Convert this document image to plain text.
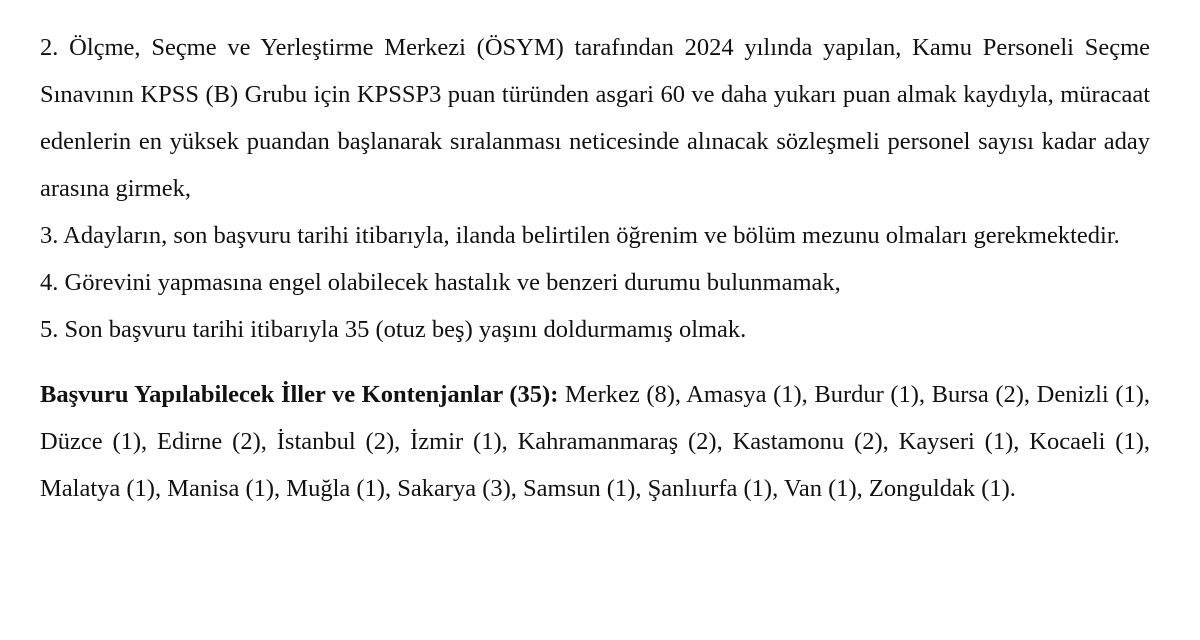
2. Ölçme, Seçme ve Yerleştirme Merkezi (ÖSYM) tarafından 2024 yılında yapılan, Kamu Personeli Seçme Sınavının KPSS (B) Grubu için KPSSP3 puan türünden asgari 60 ve daha yukarı puan almak kaydıyla, müracaat edenlerin en yüksek puandan başlanarak sıralanması neticesinde alınacak sözleşmeli personel sayısı kadar aday arasına girmek,

3. Adayların, son başvuru tarihi itibarıyla, ilanda belirtilen öğrenim ve bölüm mezunu olmaları gerekmektedir.

4. Görevini yapmasına engel olabilecek hastalık ve benzeri durumu bulunmamak,

5. Son başvuru tarihi itibarıyla 35 (otuz beş) yaşını doldurmamış olmak.

Başvuru Yapılabilecek İller ve Kontenjanlar (35): Merkez (8), Amasya (1), Burdur (1), Bursa (2), Denizli (1), Düzce (1), Edirne (2), İstanbul (2), İzmir (1), Kahramanmaraş (2), Kastamonu (2), Kayseri (1), Kocaeli (1), Malatya (1), Manisa (1), Muğla (1), Sakarya (3), Samsun (1), Şanlıurfa (1), Van (1), Zonguldak (1).
